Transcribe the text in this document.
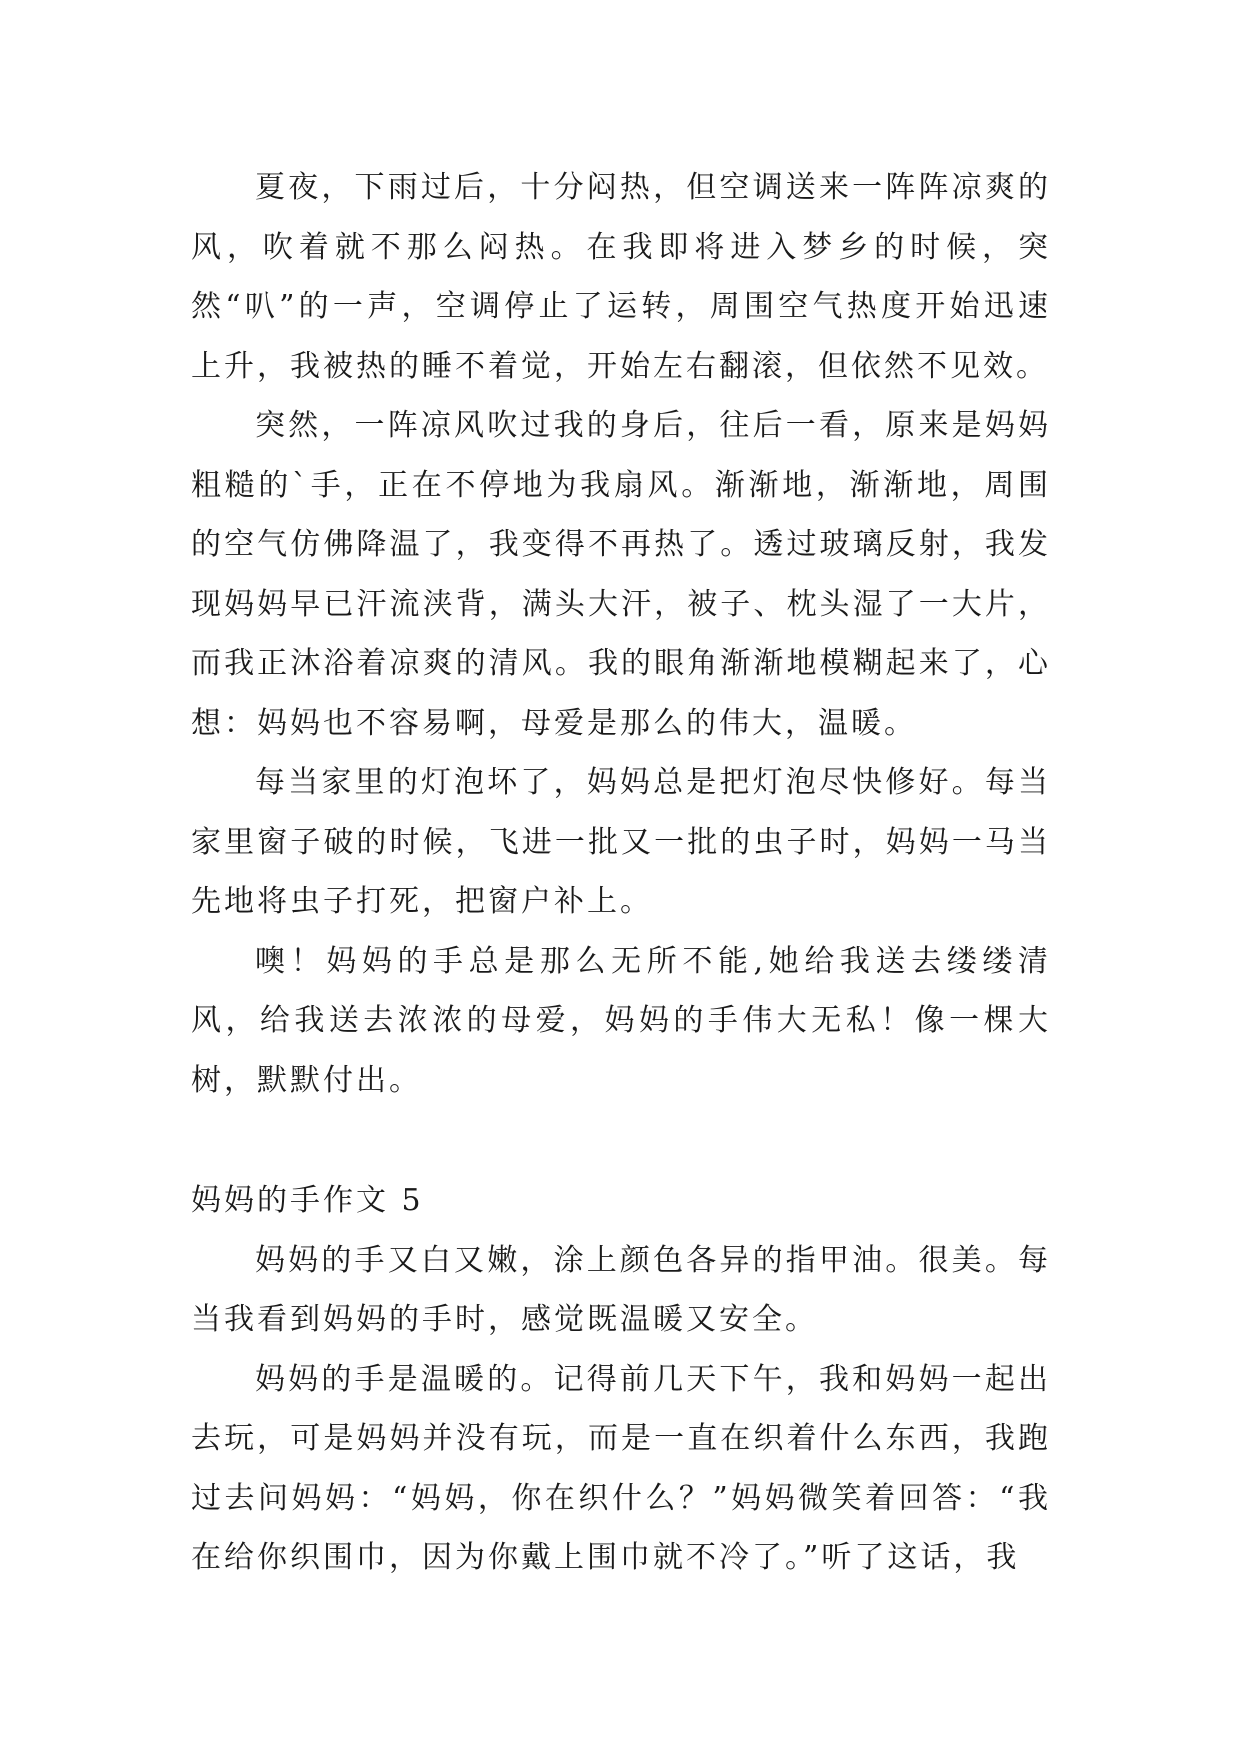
夏夜，下雨过后，十分闷热，但空调送来一阵阵凉爽的风，吹着就不那么闷热。在我即将进入梦乡的时候，突然“叭”的一声，空调停止了运转，周围空气热度开始迅速上升，我被热的睡不着觉，开始左右翻滚，但依然不见效。

突然，一阵凉风吹过我的身后，往后一看，原来是妈妈粗糙的`手，正在不停地为我扇风。渐渐地，渐渐地，周围的空气仿佛降温了，我变得不再热了。透过玻璃反射，我发现妈妈早已汗流浃背，满头大汗，被子、枕头湿了一大片，而我正沐浴着凉爽的清风。我的眼角渐渐地模糊起来了，心想：妈妈也不容易啊，母爱是那么的伟大，温暖。

每当家里的灯泡坏了，妈妈总是把灯泡尽快修好。每当家里窗子破的时候，飞进一批又一批的虫子时，妈妈一马当先地将虫子打死，把窗户补上。

噢！妈妈的手总是那么无所不能,她给我送去缕缕清风，给我送去浓浓的母爱，妈妈的手伟大无私！像一棵大树，默默付出。

妈妈的手作文 5

妈妈的手又白又嫩，涂上颜色各异的指甲油。很美。每当我看到妈妈的手时，感觉既温暖又安全。

妈妈的手是温暖的。记得前几天下午，我和妈妈一起出去玩，可是妈妈并没有玩，而是一直在织着什么东西，我跑过去问妈妈：“妈妈，你在织什么？”妈妈微笑着回答：“我在给你织围巾，因为你戴上围巾就不冷了。”听了这话，我
